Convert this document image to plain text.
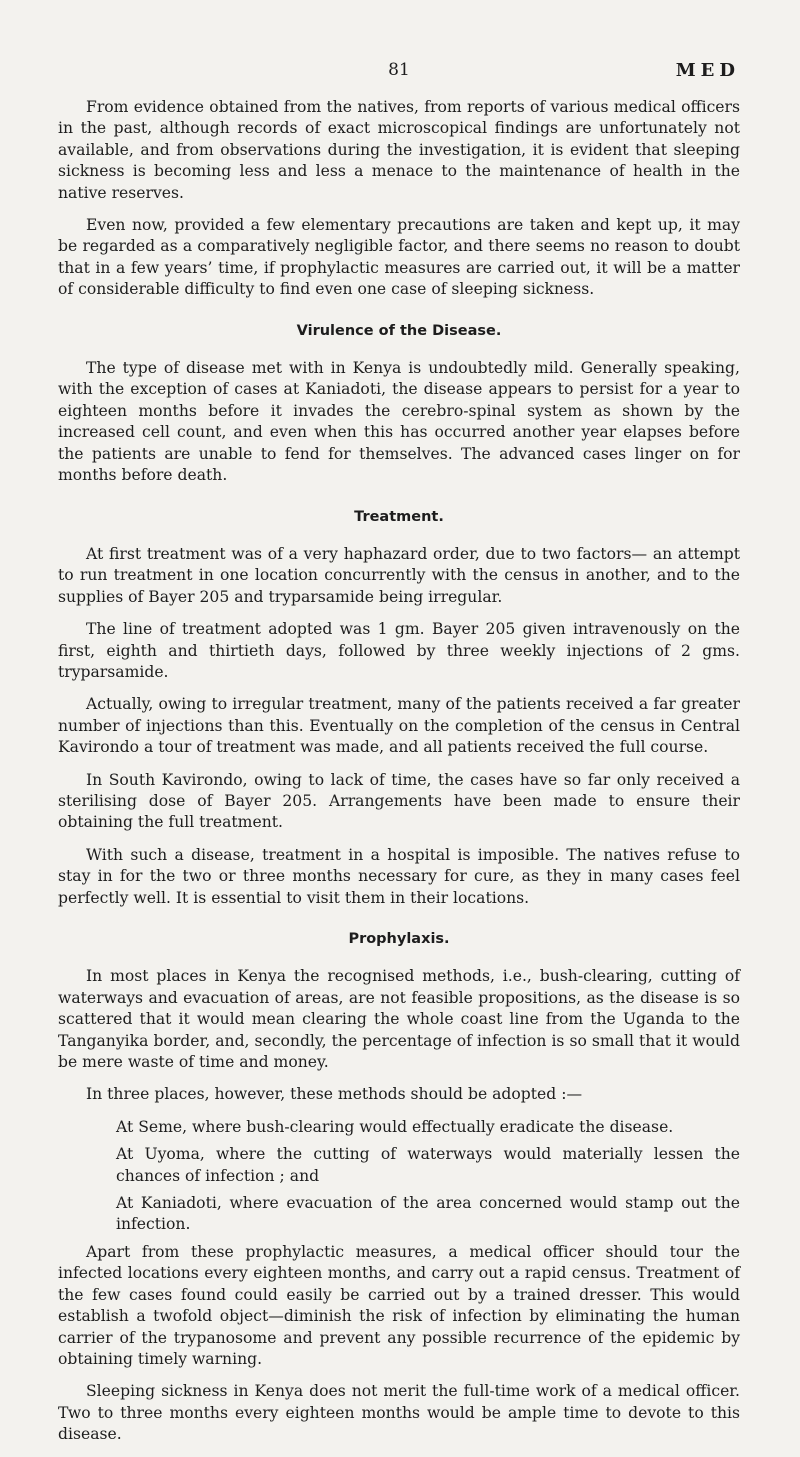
81	MED

From evidence obtained from the natives, from reports of various medical officers in the past, although records of exact microscopical findings are unfortunately not available, and from observations during the investigation, it is evident that sleeping sickness is becoming less and less a menace to the maintenance of health in the native reserves.

Even now, provided a few elementary precautions are taken and kept up, it may be regarded as a comparatively negligible factor, and there seems no reason to doubt that in a few years’ time, if prophylactic measures are carried out, it will be a matter of considerable difficulty to find even one case of sleeping sickness.

Virulence of the Disease.

The type of disease met with in Kenya is undoubtedly mild. Generally speaking, with the exception of cases at Kaniadoti, the disease appears to persist for a year to eighteen months before it invades the cerebro-spinal system as shown by the increased cell count, and even when this has occurred another year elapses before the patients are unable to fend for themselves. The advanced cases linger on for months before death.

Treatment.

At first treatment was of a very haphazard order, due to two factors— an attempt to run treatment in one location concurrently with the census in another, and to the supplies of Bayer 205 and tryparsamide being irregular.

The line of treatment adopted was 1 gm. Bayer 205 given intravenously on the first, eighth and thirtieth days, followed by three weekly injections of 2 gms. tryparsamide.

Actually, owing to irregular treatment, many of the patients received a far greater number of injections than this. Eventually on the completion of the census in Central Kavirondo a tour of treatment was made, and all patients received the full course.

In South Kavirondo, owing to lack of time, the cases have so far only received a sterilising dose of Bayer 205. Arrangements have been made to ensure their obtaining the full treatment.

With such a disease, treatment in a hospital is imposible. The natives refuse to stay in for the two or three months necessary for cure, as they in many cases feel perfectly well. It is essential to visit them in their locations.

Prophylaxis.

In most places in Kenya the recognised methods, i.e., bush-clearing, cutting of waterways and evacuation of areas, are not feasible propositions, as the disease is so scattered that it would mean clearing the whole coast line from the Uganda to the Tanganyika border, and, secondly, the percentage of infection is so small that it would be mere waste of time and money.

In three places, however, these methods should be adopted :—

At Seme, where bush-clearing would effectually eradicate the disease.

At Uyoma, where the cutting of waterways would materially lessen the chances of infection ; and

At Kaniadoti, where evacuation of the area concerned would stamp out the infection.

Apart from these prophylactic measures, a medical officer should tour the infected locations every eighteen months, and carry out a rapid census. Treatment of the few cases found could easily be carried out by a trained dresser. This would establish a twofold object—diminish the risk of infection by eliminating the human carrier of the trypanosome and prevent any possible recurrence of the epidemic by obtaining timely warning.

Sleeping sickness in Kenya does not merit the full-time work of a medical officer. Two to three months every eighteen months would be ample time to devote to this disease.
